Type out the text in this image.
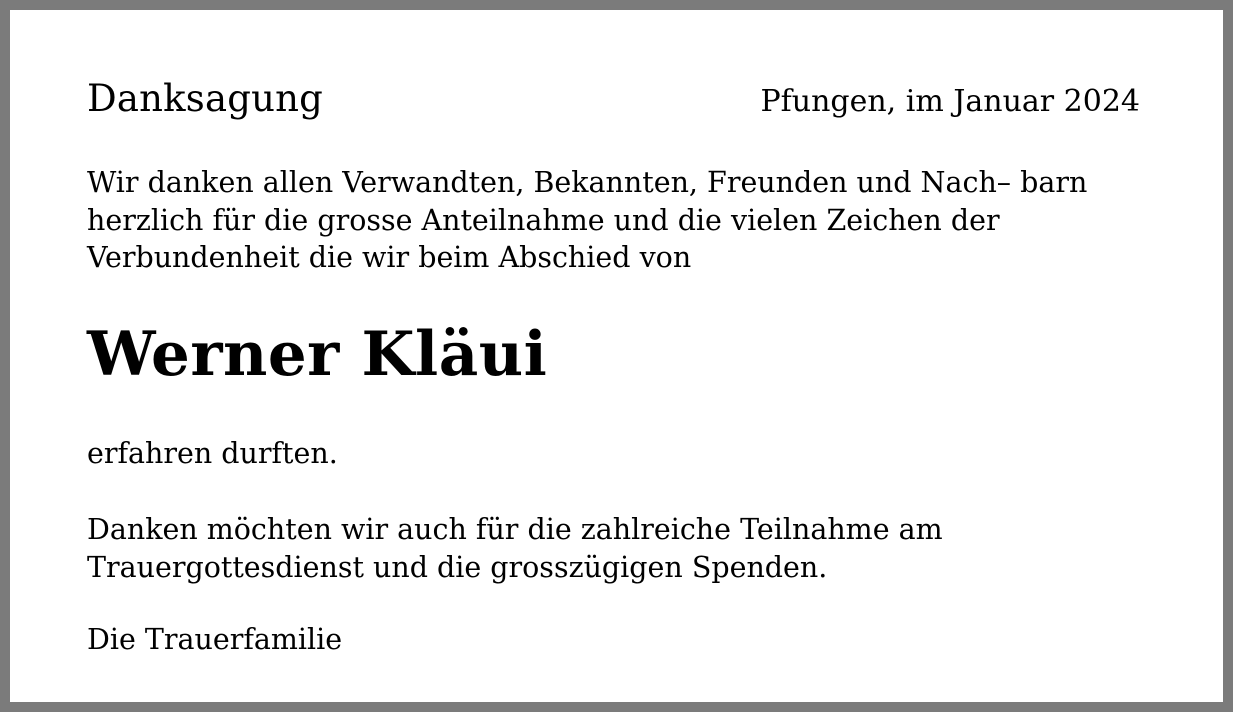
Danksagung	Pfungen, im Januar 2024

Wir danken allen Verwandten, Bekannten, Freunden und Nach– barn herzlich für die grosse Anteilnahme und die vielen Zeichen der Verbundenheit die wir beim Abschied von

Werner Kläui

erfahren durften.

Danken möchten wir auch für die zahlreiche Teilnahme am Trauergottesdienst und die grosszügigen Spenden.

Die Trauerfamilie
